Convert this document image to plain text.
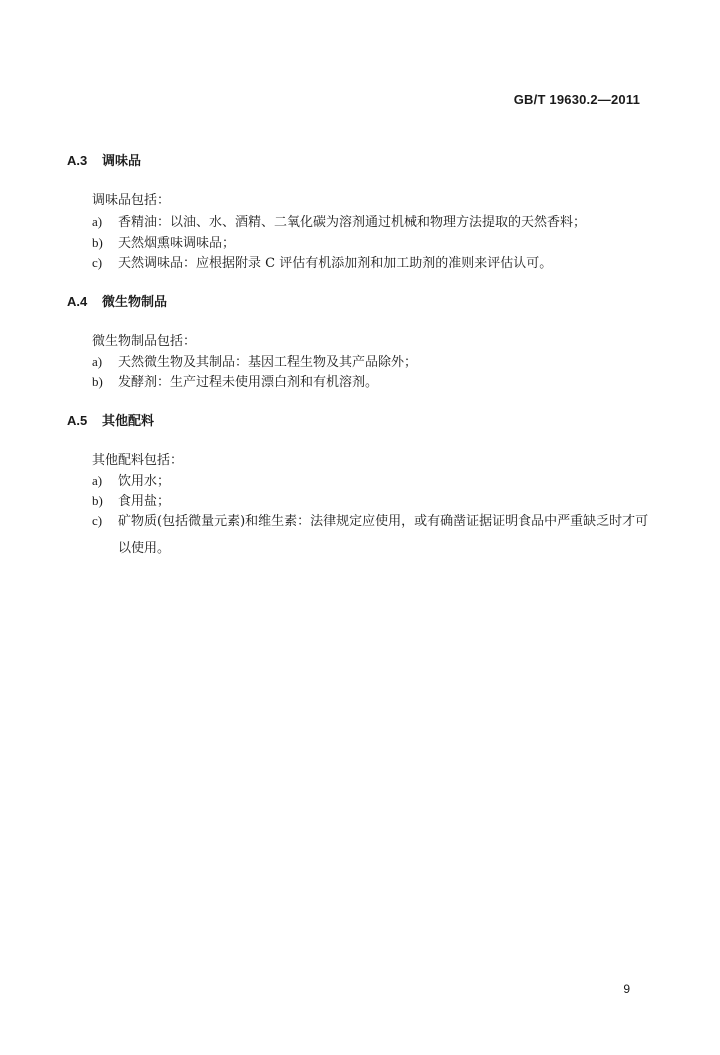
GB/T 19630.2—2011
A.3 调味品
调味品包括：
a) 香精油：以油、水、酒精、二氧化碳为溶剂通过机械和物理方法提取的天然香料；
b) 天然烟熏味调味品；
c) 天然调味品：应根据附录 C 评估有机添加剂和加工助剂的准则来评估认可。
A.4 微生物制品
微生物制品包括：
a) 天然微生物及其制品：基因工程生物及其产品除外；
b) 发酵剂：生产过程未使用漂白剂和有机溶剂。
A.5 其他配料
其他配料包括：
a) 饮用水；
b) 食用盐；
c) 矿物质(包括微量元素)和维生素：法律规定应使用，或有确凿证据证明食品中严重缺乏时才可
以使用。
9
